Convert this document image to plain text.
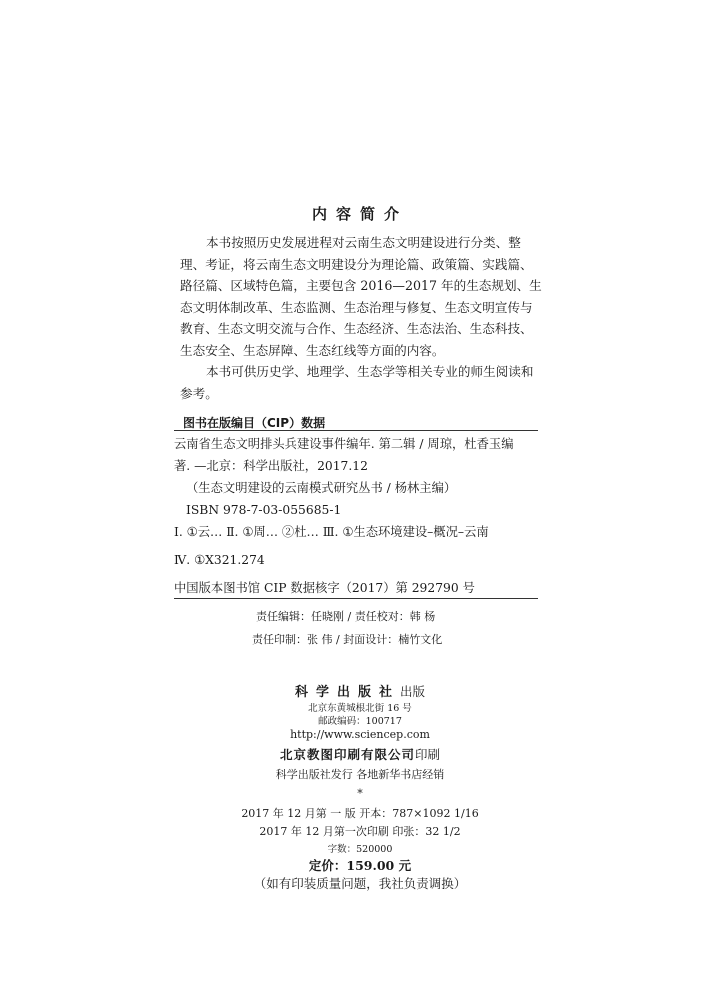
内容简介
本书按照历史发展进程对云南生态文明建设进行分类、整
理、考证，将云南生态文明建设分为理论篇、政策篇、实践篇、
路径篇、区域特色篇，主要包含 2016—2017 年的生态规划、生
态文明体制改革、生态监测、生态治理与修复、生态文明宣传与
教育、生态文明交流与合作、生态经济、生态法治、生态科技、
生态安全、生态屏障、生态红线等方面的内容。
本书可供历史学、地理学、生态学等相关专业的师生阅读和
参考。
图书在版编目（CIP）数据
云南省生态文明排头兵建设事件编年. 第二辑 / 周琼，杜香玉编
著. —北京：科学出版社，2017.12
（生态文明建设的云南模式研究丛书 / 杨林主编）
ISBN 978-7-03-055685-1
Ⅰ. ①云… Ⅱ. ①周… ②杜… Ⅲ. ①生态环境建设–概况–云南
Ⅳ. ①X321.274
中国版本图书馆 CIP 数据核字（2017）第 292790 号
责任编辑：任晓刚 / 责任校对：韩 杨
责任印制：张 伟 / 封面设计：楠竹文化
科学出版社出版
北京东黄城根北街 16 号
邮政编码：100717
http://www.sciencep.com
北京教图印刷有限公司印刷
科学出版社发行 各地新华书店经销
*
2017 年 12 月第 一 版 开本：787×1092 1/16
2017 年 12 月第一次印刷 印张：32 1/2
字数：520000
定价：159.00 元
（如有印装质量问题，我社负责调换）
